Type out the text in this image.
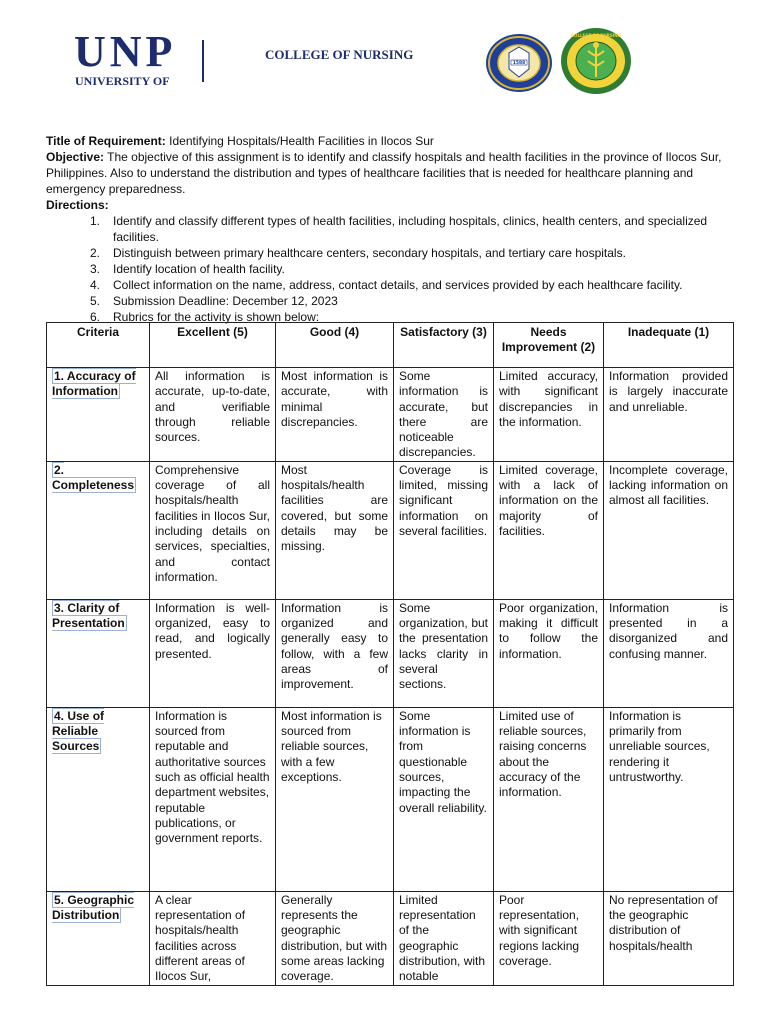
UNP
UNIVERSITY OF
COLLEGE OF NURSING
1588
COLLEGE OF NURSING

Title of Requirement: Identifying Hospitals/Health Facilities in Ilocos Sur

Objective: The objective of this assignment is to identify and classify hospitals and health facilities in the province of Ilocos Sur, Philippines. Also to understand the distribution and types of healthcare facilities that is needed for healthcare planning and emergency preparedness.

Directions:

1. Identify and classify different types of health facilities, including hospitals, clinics, health centers, and specialized facilities.
2. Distinguish between primary healthcare centers, secondary hospitals, and tertiary care hospitals.
3. Identify location of health facility.
4. Collect information on the name, address, contact details, and services provided by each healthcare facility.
5. Submission Deadline: December 12, 2023
6. Rubrics for the activity is shown below:
Criteria	Excellent (5)	Good (4)	Satisfactory (3)	Needs Improvement (2)	Inadequate (1)
1. Accuracy of Information	All information is accurate, up-to-date, and verifiable through reliable sources.	Most information is accurate, with minimal discrepancies.	Some information is accurate, but there are noticeable discrepancies.	Limited accuracy, with significant discrepancies in the information.	Information provided is largely inaccurate and unreliable.
2. Completeness	Comprehensive coverage of all hospitals/health facilities in Ilocos Sur, including details on services, specialties, and contact information.	Most hospitals/health facilities are covered, but some details may be missing.	Coverage is limited, missing significant information on several facilities.	Limited coverage, with a lack of information on the majority of facilities.	Incomplete coverage, lacking information on almost all facilities.
3. Clarity of Presentation	Information is well-organized, easy to read, and logically presented.	Information is organized and generally easy to follow, with a few areas of improvement.	Some organization, but the presentation lacks clarity in several sections.	Poor organization, making it difficult to follow the information.	Information is presented in a disorganized and confusing manner.
4. Use of Reliable Sources	Information is sourced from reputable and authoritative sources such as official health department websites, reputable publications, or government reports.	Most information is sourced from reliable sources, with a few exceptions.	Some information is from questionable sources, impacting the overall reliability.	Limited use of reliable sources, raising concerns about the accuracy of the information.	Information is primarily from unreliable sources, rendering it untrustworthy.
5. Geographic Distribution	A clear representation of hospitals/health facilities across different areas of Ilocos Sur,	Generally represents the geographic distribution, but with some areas lacking coverage.	Limited representation of the geographic distribution, with notable	Poor representation, with significant regions lacking coverage.	No representation of the geographic distribution of hospitals/health
